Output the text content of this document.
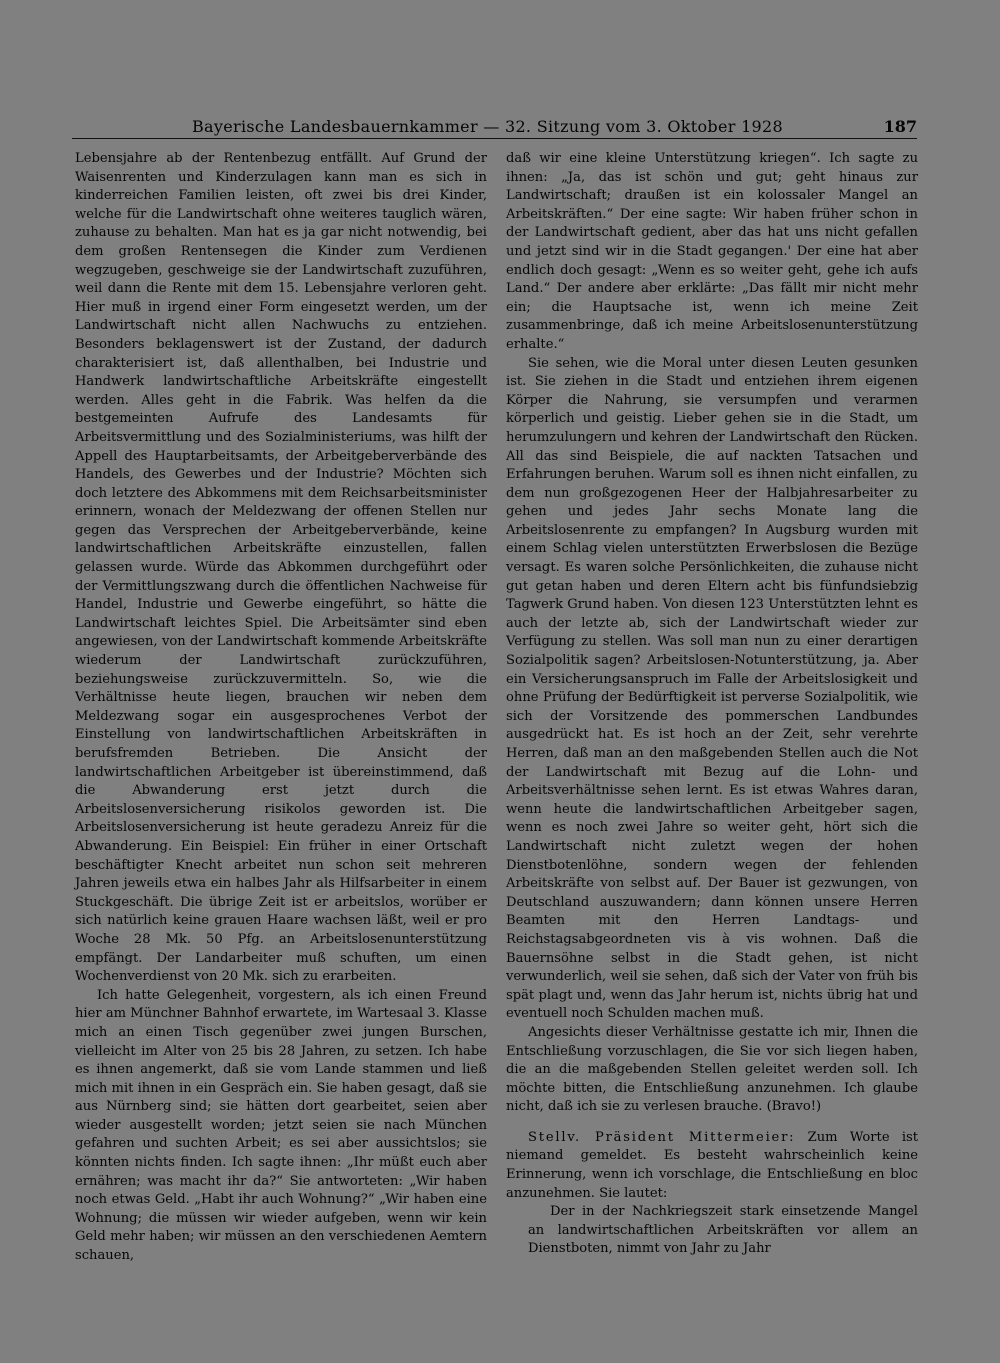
Bayerische Landesbauernkammer — 32. Sitzung vom 3. Oktober 1928	187

Lebensjahre ab der Rentenbezug entfällt. Auf Grund der Waisenrenten und Kinderzulagen kann man es sich in kinderreichen Familien leisten, oft zwei bis drei Kinder, welche für die Landwirtschaft ohne weiteres tauglich wären, zuhause zu behalten. Man hat es ja gar nicht notwendig, bei dem großen Rentensegen die Kinder zum Verdienen wegzugeben, geschweige sie der Landwirtschaft zuzuführen, weil dann die Rente mit dem 15. Lebensjahre verloren geht. Hier muß in irgend einer Form eingesetzt werden, um der Landwirtschaft nicht allen Nachwuchs zu entziehen. Besonders beklagenswert ist der Zustand, der dadurch charakterisiert ist, daß allenthalben, bei Industrie und Handwerk landwirtschaftliche Arbeitskräfte eingestellt werden. Alles geht in die Fabrik. Was helfen da die bestgemeinten Aufrufe des Landesamts für Arbeitsvermittlung und des Sozialministeriums, was hilft der Appell des Hauptarbeitsamts, der Arbeitgeberverbände des Handels, des Gewerbes und der Industrie? Möchten sich doch letztere des Abkommens mit dem Reichsarbeitsminister erinnern, wonach der Meldezwang der offenen Stellen nur gegen das Versprechen der Arbeitgeberverbände, keine landwirtschaftlichen Arbeitskräfte einzustellen, fallen gelassen wurde. Würde das Abkommen durchgeführt oder der Vermittlungszwang durch die öffentlichen Nachweise für Handel, Industrie und Gewerbe eingeführt, so hätte die Landwirtschaft leichtes Spiel. Die Arbeitsämter sind eben angewiesen, von der Landwirtschaft kommende Arbeitskräfte wiederum der Landwirtschaft zurückzuführen, beziehungsweise zurückzuvermitteln. So, wie die Verhältnisse heute liegen, brauchen wir neben dem Meldezwang sogar ein ausgesprochenes Verbot der Einstellung von landwirtschaftlichen Arbeitskräften in berufsfremden Betrieben. Die Ansicht der landwirtschaftlichen Arbeitgeber ist übereinstimmend, daß die Abwanderung erst jetzt durch die Arbeitslosenversicherung risikolos geworden ist. Die Arbeitslosenversicherung ist heute geradezu Anreiz für die Abwanderung. Ein Beispiel: Ein früher in einer Ortschaft beschäftigter Knecht arbeitet nun schon seit mehreren Jahren jeweils etwa ein halbes Jahr als Hilfsarbeiter in einem Stuckgeschäft. Die übrige Zeit ist er arbeitslos, worüber er sich natürlich keine grauen Haare wachsen läßt, weil er pro Woche 28 Mk. 50 Pfg. an Arbeitslosenunterstützung empfängt. Der Landarbeiter muß schuften, um einen Wochenverdienst von 20 Mk. sich zu erarbeiten.

Ich hatte Gelegenheit, vorgestern, als ich einen Freund hier am Münchner Bahnhof erwartete, im Wartesaal 3. Klasse mich an einen Tisch gegenüber zwei jungen Burschen, vielleicht im Alter von 25 bis 28 Jahren, zu setzen. Ich habe es ihnen angemerkt, daß sie vom Lande stammen und ließ mich mit ihnen in ein Gespräch ein. Sie haben gesagt, daß sie aus Nürnberg sind; sie hätten dort gearbeitet, seien aber wieder ausgestellt worden; jetzt seien sie nach München gefahren und suchten Arbeit; es sei aber aussichtslos; sie könnten nichts finden. Ich sagte ihnen: „Ihr müßt euch aber ernähren; was macht ihr da?“ Sie antworteten: „Wir haben noch etwas Geld. „Habt ihr auch Wohnung?“ „Wir haben eine Wohnung; die müssen wir wieder aufgeben, wenn wir kein Geld mehr haben; wir müssen an den verschiedenen Aemtern schauen,

daß wir eine kleine Unterstützung kriegen“. Ich sagte zu ihnen: „Ja, das ist schön und gut; geht hinaus zur Landwirtschaft; draußen ist ein kolossaler Mangel an Arbeitskräften.“ Der eine sagte: Wir haben früher schon in der Landwirtschaft gedient, aber das hat uns nicht gefallen und jetzt sind wir in die Stadt gegangen.' Der eine hat aber endlich doch gesagt: „Wenn es so weiter geht, gehe ich aufs Land.“ Der andere aber erklärte: „Das fällt mir nicht mehr ein; die Hauptsache ist, wenn ich meine Zeit zusammenbringe, daß ich meine Arbeitslosenunterstützung erhalte.“

Sie sehen, wie die Moral unter diesen Leuten gesunken ist. Sie ziehen in die Stadt und entziehen ihrem eigenen Körper die Nahrung, sie versumpfen und verarmen körperlich und geistig. Lieber gehen sie in die Stadt, um herumzulungern und kehren der Landwirtschaft den Rücken. All das sind Beispiele, die auf nackten Tatsachen und Erfahrungen beruhen. Warum soll es ihnen nicht einfallen, zu dem nun großgezogenen Heer der Halbjahresarbeiter zu gehen und jedes Jahr sechs Monate lang die Arbeitslosenrente zu empfangen? In Augsburg wurden mit einem Schlag vielen unterstützten Erwerbslosen die Bezüge versagt. Es waren solche Persönlichkeiten, die zuhause nicht gut getan haben und deren Eltern acht bis fünfundsiebzig Tagwerk Grund haben. Von diesen 123 Unterstützten lehnt es auch der letzte ab, sich der Landwirtschaft wieder zur Verfügung zu stellen. Was soll man nun zu einer derartigen Sozialpolitik sagen? Arbeitslosen-Notunterstützung, ja. Aber ein Versicherungsanspruch im Falle der Arbeitslosigkeit und ohne Prüfung der Bedürftigkeit ist perverse Sozialpolitik, wie sich der Vorsitzende des pommerschen Landbundes ausgedrückt hat. Es ist hoch an der Zeit, sehr verehrte Herren, daß man an den maßgebenden Stellen auch die Not der Landwirtschaft mit Bezug auf die Lohn- und Arbeitsverhältnisse sehen lernt. Es ist etwas Wahres daran, wenn heute die landwirtschaftlichen Arbeitgeber sagen, wenn es noch zwei Jahre so weiter geht, hört sich die Landwirtschaft nicht zuletzt wegen der hohen Dienstbotenlöhne, sondern wegen der fehlenden Arbeitskräfte von selbst auf. Der Bauer ist gezwungen, von Deutschland auszuwandern; dann können unsere Herren Beamten mit den Herren Landtags- und Reichstagsabgeordneten vis à vis wohnen. Daß die Bauernsöhne selbst in die Stadt gehen, ist nicht verwunderlich, weil sie sehen, daß sich der Vater von früh bis spät plagt und, wenn das Jahr herum ist, nichts übrig hat und eventuell noch Schulden machen muß.

Angesichts dieser Verhältnisse gestatte ich mir, Ihnen die Entschließung vorzuschlagen, die Sie vor sich liegen haben, die an die maßgebenden Stellen geleitet werden soll. Ich möchte bitten, die Entschließung anzunehmen. Ich glaube nicht, daß ich sie zu verlesen brauche. (Bravo!)

Stellv. Präsident Mittermeier: Zum Worte ist niemand gemeldet. Es besteht wahrscheinlich keine Erinnerung, wenn ich vorschlage, die Entschließung en bloc anzunehmen. Sie lautet:

Der in der Nachkriegszeit stark einsetzende Mangel an landwirtschaftlichen Arbeitskräften vor allem an Dienstboten, nimmt von Jahr zu Jahr
